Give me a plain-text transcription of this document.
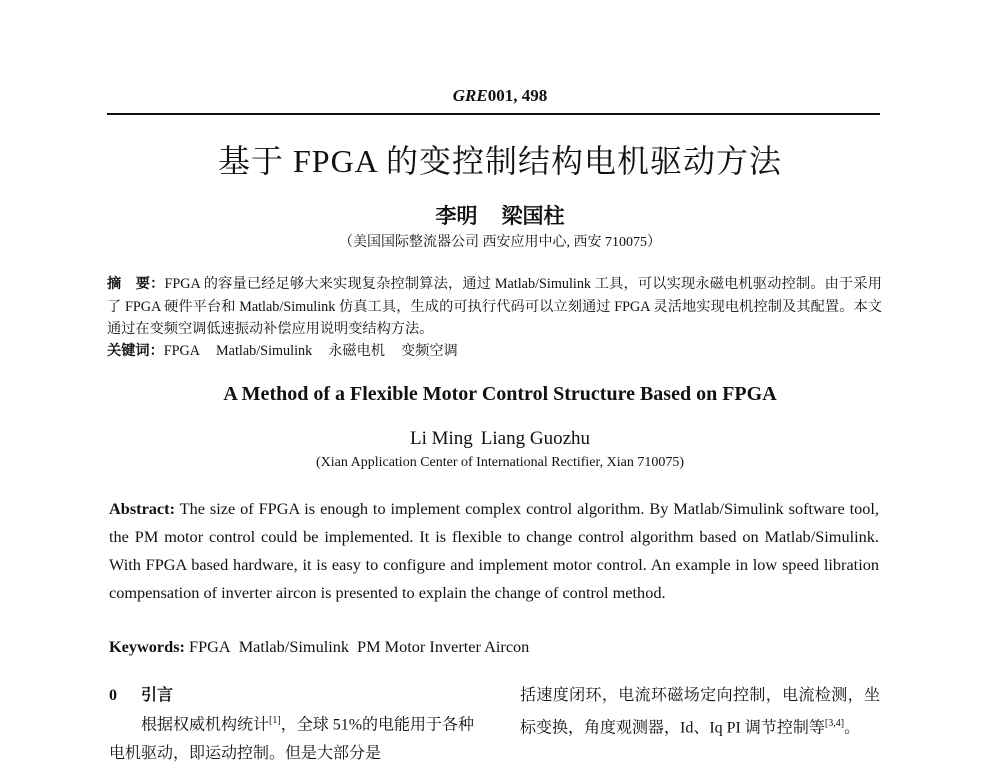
GRE001, 498
基于 FPGA 的变控制结构电机驱动方法
李明 梁国柱
（美国国际整流器公司 西安应用中心, 西安 710075）
摘　要：FPGA 的容量已经足够大来实现复杂控制算法，通过 Matlab/Simulink 工具，可以实现永磁电机驱动控制。由于采用了 FPGA 硬件平台和 Matlab/Simulink 仿真工具，生成的可执行代码可以立刻通过 FPGA 灵活地实现电机控制及其配置。本文通过在变频空调低速振动补偿应用说明变结构方法。
关键词：FPGA Matlab/Simulink 永磁电机 变频空调
A Method of a Flexible Motor Control Structure Based on FPGA
Li Ming Liang Guozhu
(Xian Application Center of International Rectifier, Xian 710075)
Abstract: The size of FPGA is enough to implement complex control algorithm. By Matlab/Simulink software tool, the PM motor control could be implemented. It is flexible to change control algorithm based on Matlab/Simulink. With FPGA based hardware, it is easy to configure and implement motor control. An example in low speed libration compensation of inverter aircon is presented to explain the change of control method.
Keywords: FPGA Matlab/Simulink PM Motor Inverter Aircon
0 引言
根据权威机构统计[1]，全球 51%的电能用于各种电机驱动，即运动控制。但是大部分是
括速度闭环，电流环磁场定向控制，电流检测，坐标变换，角度观测器，Id、Iq PI 调节控制等[3,4]。
